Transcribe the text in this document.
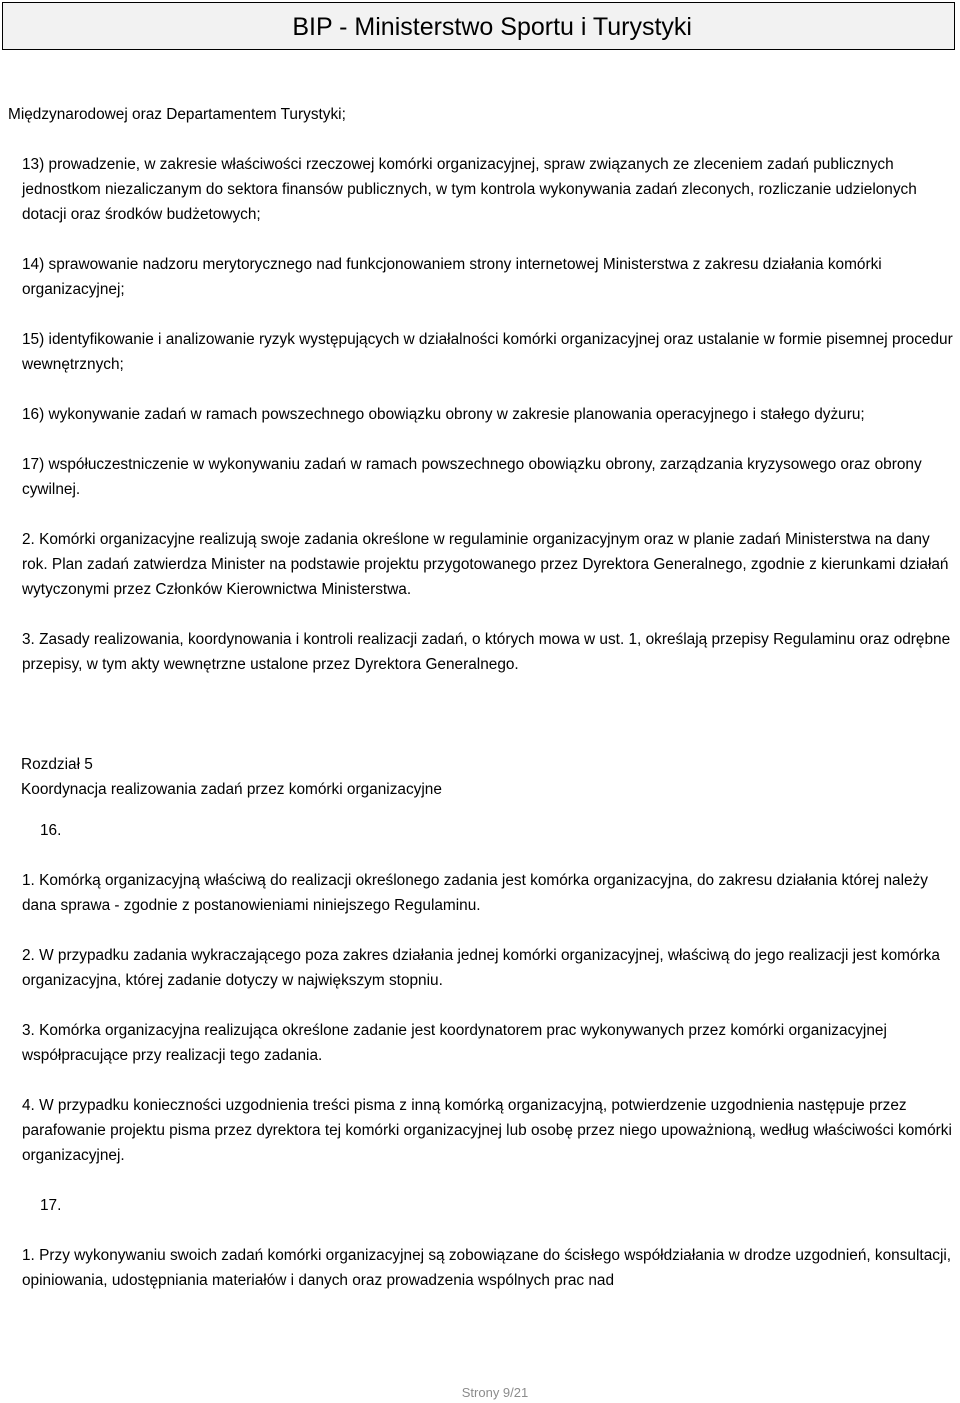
BIP - Ministerstwo Sportu i Turystyki

Międzynarodowej oraz Departamentem Turystyki;

13) prowadzenie, w zakresie właściwości rzeczowej komórki organizacyjnej, spraw związanych ze zleceniem zadań publicznych jednostkom niezaliczanym do sektora finansów publicznych, w tym kontrola wykonywania zadań zleconych, rozliczanie udzielonych dotacji oraz środków budżetowych;

14) sprawowanie nadzoru merytorycznego nad funkcjonowaniem strony internetowej Ministerstwa z zakresu działania komórki organizacyjnej;

15) identyfikowanie i analizowanie ryzyk występujących w działalności komórki organizacyjnej oraz ustalanie w formie pisemnej procedur wewnętrznych;

16) wykonywanie zadań w ramach powszechnego obowiązku obrony w zakresie planowania operacyjnego i stałego dyżuru;

17) współuczestniczenie w wykonywaniu zadań w ramach powszechnego obowiązku obrony, zarządzania kryzysowego oraz obrony cywilnej.

2. Komórki organizacyjne realizują swoje zadania określone w regulaminie organizacyjnym oraz w planie zadań Ministerstwa na dany rok. Plan zadań zatwierdza Minister na podstawie projektu przygotowanego przez Dyrektora Generalnego, zgodnie z kierunkami działań wytyczonymi przez Członków Kierownictwa Ministerstwa.

3. Zasady realizowania, koordynowania i kontroli realizacji zadań, o których mowa w ust. 1, określają przepisy Regulaminu oraz odrębne przepisy, w tym akty wewnętrzne ustalone przez Dyrektora Generalnego.

Rozdział 5

Koordynacja realizowania zadań przez komórki organizacyjne

16.

1. Komórką organizacyjną właściwą do realizacji określonego zadania jest komórka organizacyjna, do zakresu działania której należy dana sprawa - zgodnie z postanowieniami niniejszego Regulaminu.

2. W przypadku zadania wykraczającego poza zakres działania jednej komórki organizacyjnej, właściwą do jego realizacji jest komórka organizacyjna, której zadanie dotyczy w największym stopniu.

3. Komórka organizacyjna realizująca określone zadanie jest koordynatorem prac wykonywanych przez komórki organizacyjnej współpracujące przy realizacji tego zadania.

4. W przypadku konieczności uzgodnienia treści pisma z inną komórką organizacyjną, potwierdzenie uzgodnienia następuje przez parafowanie projektu pisma przez dyrektora tej komórki organizacyjnej lub osobę przez niego upoważnioną, według właściwości komórki organizacyjnej.

17.

1. Przy wykonywaniu swoich zadań komórki organizacyjnej są zobowiązane do ścisłego współdziałania w drodze uzgodnień, konsultacji, opiniowania, udostępniania materiałów i danych oraz prowadzenia wspólnych prac nad

Strony 9/21
